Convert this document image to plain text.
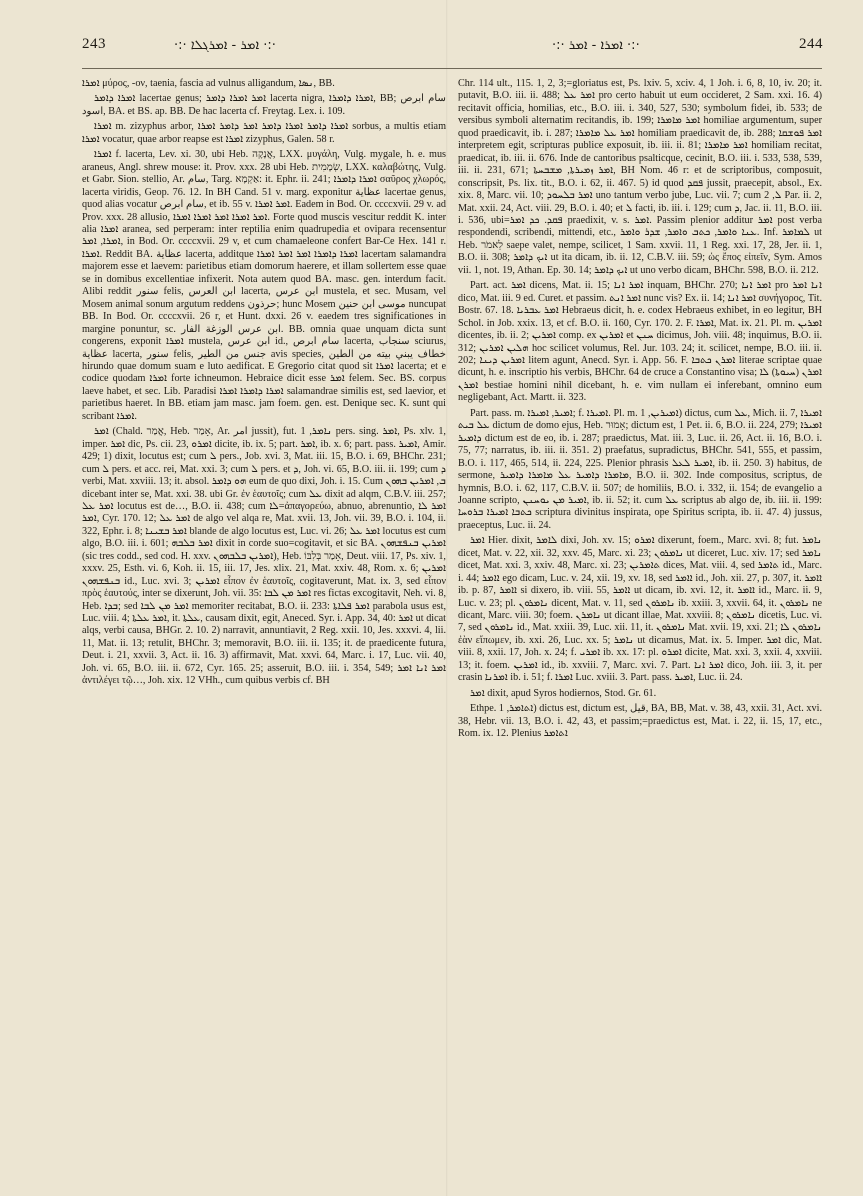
243	·:· ܐܡܪ - ܐܡܪܓܠܐ ·:·	·:· ܐܡܪܐ - ܐܡܪ ·:·	244

ܐܡܪܐ μύρος, -ον, taenia, fascia ad vulnus alligandum, ܢܣܐ, BB.

ܐܡܪܐ ܕܐܡܪ lacertae genus; ܐܡܪ ܐܡܪܐ ܕܐܡܪ lacerta nigra, ܐܡܪܐ ܕܐܡܪܐ, BB; سام ابرص اسود, BA. et BS. ap. BB. De hac lacerta cf. Freytag. Lex. i. 109.

ܐܡܪܐ m. zizyphus arbor, ܐܡܪܐ ܕܐܡܪ ܐܡܪܐ ܕܐܡܪ ܐܡܪ ܕܐܡܪ ܐܡܪܐ sorbus, a multis etiam ܐܡܪܐ vocatur, quae arbor reapse est ܐܡܪܐ zizyphus, Galen. 58 r.

ܐܡܪܐ f. lacerta, Lev. xi. 30, ubi Heb. אֲנָקָה, LXX. μυγάλη, Vulg. mygale, h. e. mus araneus, Angl. shrew mouse: it. Prov. xxx. 28 ubi Heb. שְׂמָמִית, LXX. καλαβώτης, Vulg. et Gabr. Sion. stellio, Ar. سام, Targ. אַקְמָא: it. Ephr. ii. 241; ܐܡܪܐ ܕܐܡܪܐ σαῦρος χλωρός, lacerta viridis, Geop. 76. 12. In BH Cand. 51 v. marg. exponitur عظاية lacertae genus, quod alias vocatur سام ابرص, et ib. 55 v. ܐܡܪ ܐܡܪܐ. Eadem in Bod. Or. ccccxvii. 29 v. ad Prov. xxx. 28 allusio, ܐܡܪ ܐܡܪܐ ܐܡܪ ܐܡܪܐ ܐܡܪܐ. Forte quod muscis vescitur reddit K. inter alia ܐܡܪܐ aranea, sed perperam: inter reptilia enim quadrupedia et ovipara recensentur ܐܡܪܐ, ܐܡܪ, in Bod. Or. ccccxvii. 29 v, et cum chamaeleone confert Bar-Ce Hex. 141 r. ܐܡܪܐ. Reddit BA. عظاية lacerta, additque ܐܡܪܐ ܕܐܡܪܐ ܐܡܪ ܐܡܪ ܐܡܪܐ lacertam salamandra majorem esse et laevem: parietibus etiam domorum haerere, et illam sollertem esse quae se in domibus excellentiae infixerit. Nota autem quod BA. masc. gen. interdum facit. Alibi reddit سنور felis, ابن العرس lacerta, ابن عرس mustela, et sec. Musam, vel Mosem animal sonum argutum reddens حرذون; hunc Mosem موسى ابن حنين nuncupat BB. In Bod. Or. ccccxvii. 26 r, et Hunt. dxxi. 26 v. eaedem tres significationes in margine ponuntur, sc. ابن عرس الوزغة الفار. BB. omnia quae unquam dicta sunt congerens, exponit ܐܡܪܐ mustela, ابن عرس id., سام ابرص lacerta, سنجاب sciurus, عظاية lacerta, سنور felis, جنس من الطير avis species, خطاف يبني بيته من الطين hirundo quae domum suam e luto aedificat. E Gregorio citat quod sit ܐܡܪܐ lacerta; et e codice quodam ܐܡܪܐ forte ichneumon. Hebraice dicit esse ܐܡܪ felem. Sec. BS. corpus laeve habet, et sec. Lib. Paradisi ܐܡܪܐ ܕܐܡܪܐ ܐܡܪܐ salamandrae similis est, sed laevior, et parietibus haeret. In BB. etiam jam masc. jam foem. gen. est. Denique sec. K. sunt qui scribant ܐܡܪܐ.

ܐܡܪ (Chald. אֲמַר, Heb. אָמַר, Ar. امر jussit), fut. ܢܐܡܪ, 1 pers. sing. ܐܡܪ, Ps. xlv. 1, imper. ܐܡܪ dic, Ps. cii. 23, ܐܡܪܘ dicite, ib. ix. 5; part. ܐܡܪ, ib. x. 6; part. pass. ܐܡܝܪ, Amir. 429; 1) dixit, locutus est; cum ܠ pers., Job. xvi. 3, Mat. iii. 15, B.O. i. 69, BHChr. 231; cum ܠ pers. et acc. rei, Mat. xxi. 3; cum ܠ pers. et ܕ, Joh. vi. 65, B.O. iii. ii. 199; cum ܕ verbi, Mat. xxviii. 13; it. absol. ܗܘ ܕܐܡܪ eum de quo dixi, Joh. i. 15. Cum ܒ, ܐܡܪܝܢ ܒܗܘܢ dicebant inter se, Mat. xxi. 38. ubi Gr. ἐν ἑαυτοῖς; cum ܥܠ dixit ad alqm, C.B.V. iii. 257; ܐܡܪ ܥܠ locutus est de…, B.O. ii. 438; cum ܠܐ=ἀπαγορεύω, abnuo, abrenuntio, ܐܡܪ ܠܐ ܐܡܪ, Cyr. 170. 12; ܐܡܪ ܥܠ de algo vel alqa re, Mat. xvii. 13, Joh. vii. 39, B.O. i. 104, ii. 322, Ephr. i. 8; ܐܡܪ ܒܫܝܢܐ blande de algo locutus est, Luc. vi. 26; ܐܡܪ ܥܠ locutus est cum algo, B.O. iii. i. 601; ܐܡܪ ܒܠܒܗ dixit in corde suo=cogitavit, et sic BA. ܐܡܪܝܢ ܒܢܦܫܗܘܢ (sic tres codd., sed cod. H. xxv. ܐܡܪܝܢ ܒܠܒܗܘܢ), Heb. אָמַר בְּלִבּוֹ, Deut. viii. 17, Ps. xiv. 1, xxxv. 25, Esth. vi. 6, Koh. ii. 15, iii. 17, Jes. xlix. 21, Mat. xxiv. 48, Rom. x. 6; ܐܡܪܝܢ ܒܢܦܫܗܘܢ id., Luc. xvi. 3; ܐܡܪܝܢ εἶπον ἐν ἑαυτοῖς, cogitaverunt, Mat. ix. 3, sed εἶπον πρὸς ἑαυτούς, inter se dixerunt, Joh. vii. 35: ܐܡܪ ܡܢ ܠܒܐ res fictas excogitavit, Neh. vi. 8, Heb. ܒܕܐ; sed ܐܡܪ ܡܢ ܠܒܐ memoriter recitabat, B.O. ii. 233: ܐܡܪ ܦܠܐܬܐ parabola usus est, Luc. viii. 4; ܐܡܪ ܥܠܬܐ, it. ܥܠܬܐ, causam dixit, egit, Aneced. Syr. i. App. 34, 40: ܐܡܪ ut dicat alqs, verbi causa, BHGr. 2. 10. 2) narravit, annuntiavit, 2 Reg. xxii. 10, Jes. xxxvi. 4, lii. 11, Mat. ii. 13; retulit, BHChr. 3; memoravit, B.O. iii. ii. 135; it. de praedicente futura, Deut. i. 21, xxvii. 3, Act. ii. 16. 3) affirmavit, Mat. xxvi. 64, Marc. i. 17, Luc. vii. 40, Joh. vi. 65, B.O. iii. ii. 672, Cyr. 165. 25; asseruit, B.O. iii. i. 354, 549; ܐܡܪ ܐܢܐ ܐܡܪ ἀντιλέγει τῷ…, Joh. xix. 12 VHh., cum quibus verbis cf. BH

Chr. 114 ult., 115. 1, 2, 3;=gloriatus est, Ps. lxiv. 5, xciv. 4, 1 Joh. i. 6, 8, 10, iv. 20; it. putavit, B.O. iii. ii. 488; ܐܡܪ ܥܠ pro certo habuit ut eum occideret, 2 Sam. xxi. 16. 4) recitavit officia, homilias, etc., B.O. iii. i. 340, 527, 530; symbolum fidei, ib. 533; de versibus symboli alternatim recitandis, ib. 199; ܐܡܪ ܡܐܡܪܐ homiliae argumentum, super quod praedicavit, ib. i. 287; ܐܡܪ ܥܠ ܡܐܡܪܐ homiliam praedicavit de, ib. 288; ܐܡܪ ܦܘܫܩܐ interpretem egit, scripturas publice exposuit, ib. iii. ii. 81; ܐܡܪ ܡܐܡܪܐ homiliam recitat, praedicat, ib. iii. ii. 676. Inde de cantoribus psalticque, cecinit, B.O. iii. i. 533, 538, 539, iii. ii. 231, 671; ܐܡܪ ܙܡܝܪܬܐ, ܡܫܒܚܬܐ, BH Nom. 46 r: et de scriptoribus, composuit, conscripsit, Ps. lix. tit., B.O. i. 62, ii. 467. 5) id quod ܦܩܕ jussit, praecepit, absol., Ex. xix. 8, Marc. vii. 10; ܐܡܪ ܒܠܚܘܕ uno tantum verbo jube, Luc. vii. 7; cum ܠ, 2 Par. ii. 2, Mat. xxii. 24, Act. viii. 29, B.O. i. 40; et ܠ facti, ib. iii. i. 129; cum ܕ, Jac. ii. 11, B.O. iii. i. 536, ubi=ܦܩܕ. ܟܕ ܐܡܪ praedixit, v. s. ܐܡܪ. Passim plenior additur ܐܡܪ post verba respondendi, scribendi, mittendi, etc., ܥܢܐ ܘܐܡܪ, ܟܬܒ ܘܐܡܪ, ܫܕܪ ܘܐܡܪ. Inf. ܠܡܐܡܪ ut Heb. לֵאמֹר saepe valet, nempe, scilicet, 1 Sam. xxvii. 11, 1 Reg. xxi. 17, 28, Jer. ii. 1, B.O. ii. 308; ܐܝܟ ܕܐܡܪ ut ita dicam, ib. ii. 12, C.B.V. iii. 59; ὡς ἔπος εἰπεῖν, Sym. Amos vii. 1, not. 19, Athan. Ep. 30. 14; ܐܝܟ ܕܐܡܪ ut uno verbo dicam, BHChr. 598, B.O. ii. 212.

Part. act. ܐܡܪ dicens, Mat. ii. 15; ܐܡܪ ܐܢܐ inquam, BHChr. 270; ܐܡܪ ܐܢܐ pro ܐܢܐ ܐܡܪ dico, Mat. iii. 9 ed. Curet. et passim. ܐܡܪ ܐܢܬ nunc vis? Ex. ii. 14; ܐܡܪ ܐܢܐ συνήγορος, Tit. Bostr. 67. 18. ܐܡܪ ܥܒܪܝܐ Hebraeus dicit, h. e. codex Hebraeus exhibet, in eo legitur, BH Schol. in Job. xxix. 13, et cf. B.O. ii. 160, Cyr. 170. 2. F. ܐܡܪܐ, Mat. ix. 21. Pl. m. ܐܡܪܝܢ dicentes, ib. ii. 2; ܐܡܪܝܢ comp. ex ܐܡܪܝܢ et ܚܢܢ dicimus, Joh. viii. 48; inquimus, B.O. ii. 312; ܗܠܝܢ ܐܡܪܝܢ hoc scilicet volumus, Rel. Jur. 103. 24; it. scilicet, nempe, B.O. iii. ii. 202; ܐܡܪܝܢ ܕܝܢܐ litem agunt, Anecd. Syr. i. App. 56. F. ܐܡܪܢ ܟܬܒܐ literae scriptae quae dicunt, h. e. inscriptio his verbis, BHChr. 64 de cruce a Constantino visa; ܐܡܪܢ (ܚܝܘܬܐ) ܠܐ ܐܡܪܢ bestiae homini nihil dicebant, h. e. vim nullam ei inferebant, omnino eum negligebant, Act. Martt. ii. 323.

Part. pass. m. ܐܡܝܪ, ܐܡܝܪܐ; f. ܐܡܝܪܐ. Pl. m. ܐܡܝܪܝܢ, 1) dictus, cum ܥܠ, Mich. ii. 7, ܐܡܝܪܐ ܥܠ ܒܝܬ dictum de domo ejus, Heb. אָמוּר; dictum est, 1 Pet. ii. 6, B.O. ii. 224, 279; ܐܡܝܪܐ ܕܐܡܝܪ dictum est de eo, ib. i. 287; praedictus, Mat. iii. 3, Luc. ii. 26, Act. ii. 16, B.O. i. 75, 77; narratus, ib. iii. ii. 351. 2) praefatus, supradictus, BHChr. 541, 555, et passim, B.O. i. 117, 465, 514, ii. 224, 225. Plenior phrasis ܐܡܝܪ ܠܥܠ, ib. ii. 250. 3) habitus, de sermone, ܡܐܡܪܐ ܕܐܡܝܪ ܥܠ ܡܐܡܪܐ ܕܐܡܝܪ, B.O. ii. 302. Inde compositus, scriptus, de hymnis, B.O. i. 62, 117, C.B.V. ii. 507; de homiliis, B.O. i. 332, ii. 154; de evangelio a Joanne scripto, ܐܡܝܪ ܡܢ ܝܘܚܢܢ, ib. ii. 52; it. cum ܥܠ scriptus ab algo de, ib. iii. ii. 199: ܟܬܒܐ ܐܡܝܪܐ ܒܪܘܚܐ scriptura divinitus inspirata, ope Spiritus scripta, ib. ii. 47. 4) jussus, praeceptus, Luc. ii. 24.

ܐܡܪ Hier. dixit, ܠܐܡܪ dixi, Joh. xv. 15; ܐܡܪܘ dixerunt, foem., Marc. xvi. 8; fut. ܢܐܡܪ dicet, Mat. v. 22, xii. 32, xxv. 45, Marc. xi. 23; ܢܐܡܪܘܢ ut diceret, Luc. xiv. 17; sed ܢܐܡܪ dicet, Mat. xxi. 3, xxiv. 48, Marc. xi. 23; ܬܐܡܪܝܢ dices, Mat. viii. 4, sed ܬܐܡܪ id., Marc. i. 44; ܐܐܡܪ ego dicam, Luc. v. 24, xii. 19, xv. 18, sed ܐܐܡܪ id., Joh. xii. 27, p. 307, it. ܐܐܡܪ ib. p. 87, ܐܐܡܪ si dixero, ib. viii. 55, ܐܐܡܪ ut dicam, ib. xvi. 12, it. ܐܐܡܪ id., Marc. ii. 9, Luc. v. 23; pl. ܢܐܡܪܘܢ dicent, Mat. v. 11, sed ܢܐܡܪܘܢ ib. xxiii. 3, xxvii. 64, it. ܢܐܡܪܘܢ ne dicant, Marc. viii. 30; foem. ܢܐܡܪܢ ut dicant illae, Mat. xxviii. 8; ܢܐܡܪܘܢ dicetis, Luc. vi. 7, sed ܢܐܡܪܘܢ id., Mat. xxiii. 39, Luc. xii. 11, it. ܢܐܡܪܘܢ Mat. xvii. 19, xxi. 21; ܢܐܡܪܘܢ ܠܐ ἐὰν εἴπωμεν, ib. xxi. 26, Luc. xx. 5; ܢܐܡܪ ut dicamus, Mat. ix. 5. Imper. ܐܡܪ dic, Mat. viii. 8, xxii. 17, Joh. x. 24; f. ܐܡܪܝ ib. xx. 17: pl. ܐܡܪܘ dicite, Mat. xxi. 3, xxii. 4, xxviii. 13; it. foem. ܐܡܪܝܢ id., ib. xxviii. 7, Marc. xvi. 7. Part. ܐܡܪ ܐܢܐ dico, Joh. iii. 3, it. per crasin ܐܡܪܢܐ ib. i. 51; f. ܐܡܪܐ Luc. xviii. 3. Part. pass. ܐܡܝܪ, Luc. ii. 24.

ܐܡܪ dixit, apud Syros hodiernos, Stod. Gr. 61.

Ethpe. ܐܬܐܡܪ, 1) dictus est, dictum est, قيل, BA, BB, Mat. v. 38, 43, xxii. 31, Act. xvi. 38, Hebr. vii. 13, B.O. i. 42, 43, et passim;=praedictus est, Mat. i. 22, ii. 15, 17, etc., Rom. ix. 12. Plenius ܐܬܐܡܪ
